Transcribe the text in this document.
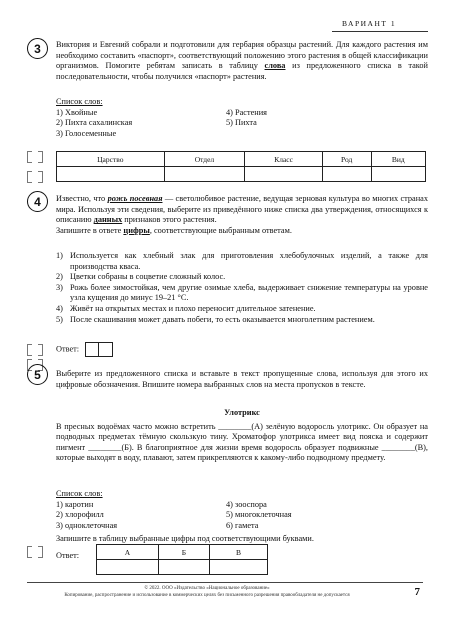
ВАРИАНТ 1
3	Виктория и Евгений собрали и подготовили для гербария образцы растений. Для каждого растения им необходимо составить «паспорт», соответствующий положению этого растения в общей классификации организмов. Помогите ребятам записать в таблицу слова из предложенного списка в такой последовательности, чтобы получился «паспорт» растения.
Список слов:
1) Хвойные	4) Растения
2) Пихта сахалинская	5) Пихта
3) Голосеменные
Царство	Отдел	Класс	Род	Вид

4	Известно, что рожь посевная — светолюбивое растение, ведущая зерновая культура во многих странах мира. Используя эти сведения, выберите из приведённого ниже списка два утверждения, относящихся к описанию данных признаков этого растения.
Запишите в ответе цифры, соответствующие выбранным ответам.
1) Используется как хлебный злак для приготовления хлебобулочных изделий, а также для производства кваса.
2) Цветки собраны в соцветие сложный колос.
3) Рожь более зимостойкая, чем другие озимые хлеба, выдерживает снижение температуры на уровне узла кущения до минус 19–21 °С.
4) Живёт на открытых местах и плохо переносит длительное затенение.
5) После скашивания может давать побеги, то есть оказывается многолетним растением.
Ответ:
5	Выберите из предложенного списка и вставьте в текст пропущенные слова, используя для этого их цифровые обозначения. Впишите номера выбранных слов на места пропусков в тексте.
Улотрикс
В пресных водоёмах часто можно встретить ________(А) зелёную водоросль улотрикс. Он образует на подводных предметах тёмную скользкую тину. Хроматофор улотрикса имеет вид пояска и содержит пигмент ________(Б). В благоприятное для жизни время водоросль образует подвижные ________(В), которые выходят в воду, плавают, затем прикрепляются к какому-либо подводному предмету.
Список слов:
1) каротин	4) зооспора
2) хлорофилл	5) многоклеточная
3) одноклеточная	6) гамета
Запишите в таблицу выбранные цифры под соответствующими буквами.
Ответ:	А	Б	В

© 2022. ООО «Издательство «Национальное образование»
Копирование, распространение и использование в коммерческих целях без письменного разрешения правообладателя не допускается	7
